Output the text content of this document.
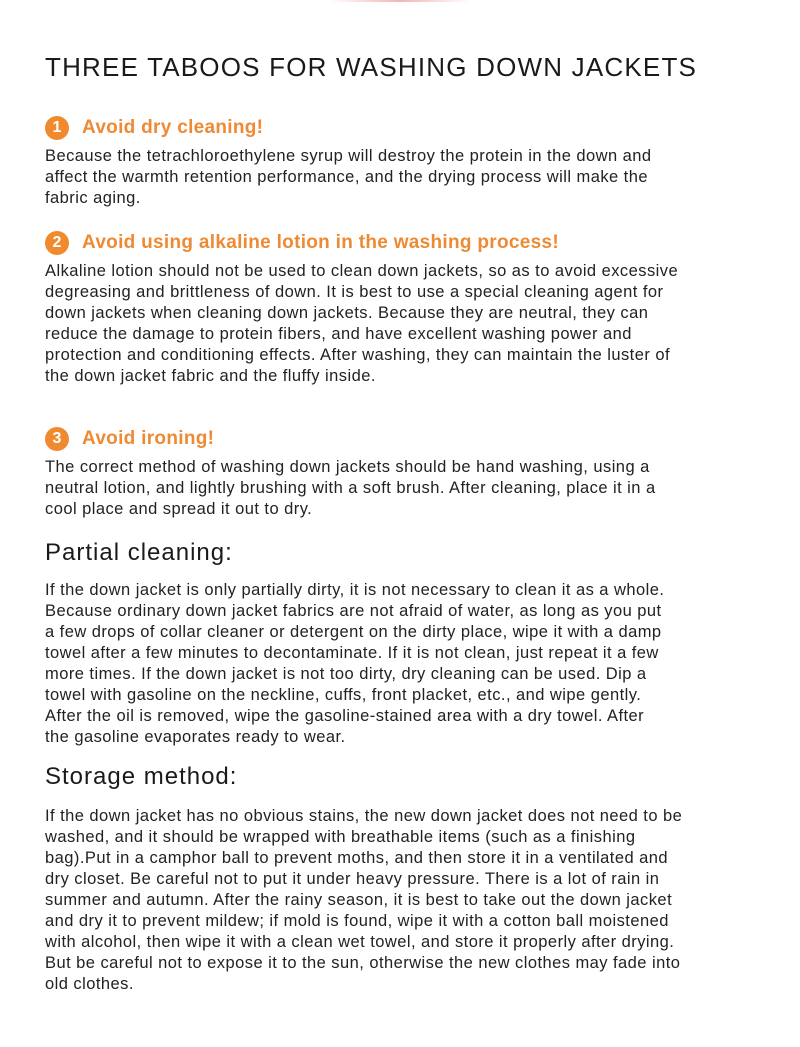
THREE TABOOS FOR WASHING DOWN JACKETS
1	Avoid dry cleaning!

Because the tetrachloroethylene syrup will destroy the protein in the down and
affect the warmth retention performance, and the drying process will make the
fabric aging.

2	Avoid using alkaline lotion in the washing process!

Alkaline lotion should not be used to clean down jackets, so as to avoid excessive
degreasing and brittleness of down. It is best to use a special cleaning agent for
down jackets when cleaning down jackets. Because they are neutral, they can
reduce the damage to protein fibers, and have excellent washing power and
protection and conditioning effects. After washing, they can maintain the luster of
the down jacket fabric and the fluffy inside.

3	Avoid ironing!

The correct method of washing down jackets should be hand washing, using a
neutral lotion, and lightly brushing with a soft brush. After cleaning, place it in a
cool place and spread it out to dry.

Partial cleaning:

If the down jacket is only partially dirty, it is not necessary to clean it as a whole.
Because ordinary down jacket fabrics are not afraid of water, as long as you put
a few drops of collar cleaner or detergent on the dirty place, wipe it with a damp
towel after a few minutes to decontaminate. If it is not clean, just repeat it a few
more times. If the down jacket is not too dirty, dry cleaning can be used. Dip a
towel with gasoline on the neckline, cuffs, front placket, etc., and wipe gently.
After the oil is removed, wipe the gasoline-stained area with a dry towel. After
the gasoline evaporates ready to wear.

Storage method:

If the down jacket has no obvious stains, the new down jacket does not need to be
washed, and it should be wrapped with breathable items (such as a finishing
bag).Put in a camphor ball to prevent moths, and then store it in a ventilated and
dry closet. Be careful not to put it under heavy pressure. There is a lot of rain in
summer and autumn. After the rainy season, it is best to take out the down jacket
and dry it to prevent mildew; if mold is found, wipe it with a cotton ball moistened
with alcohol, then wipe it with a clean wet towel, and store it properly after drying.
But be careful not to expose it to the sun, otherwise the new clothes may fade into
old clothes.
